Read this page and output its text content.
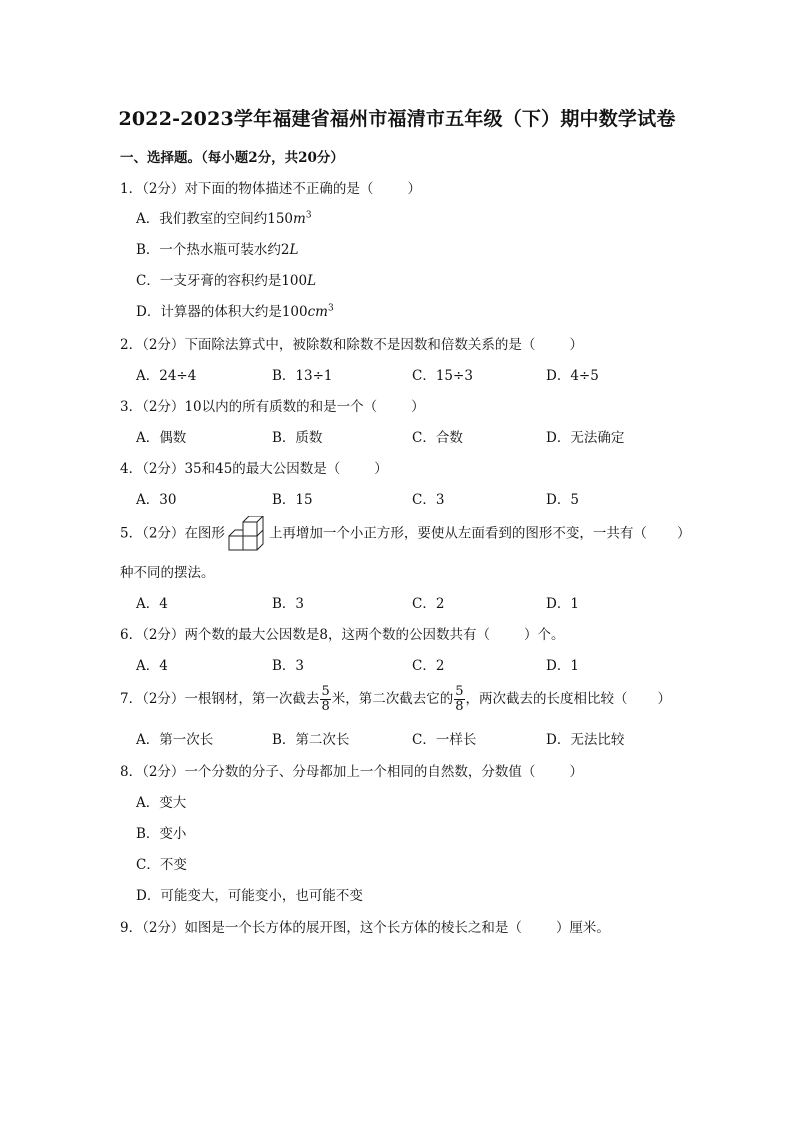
2022-2023学年福建省福州市福清市五年级（下）期中数学试卷
一、选择题。（每小题2分，共20分）
1．（2分）对下面的物体描述不正确的是（	）
A．我们教室的空间约$150m^3$
B．一个热水瓶可装水约2L
C．一支牙膏的容积约是100L
D．计算器的体积大约是$100cm^3$
2．（2分）下面除法算式中，被除数和除数不是因数和倍数关系的是（	）
A．24÷4	B．13÷1	C．15÷3	D．4÷5
3．（2分）10以内的所有质数的和是一个（	）
A．偶数	B．质数	C．合数	D．无法确定
4．（2分）35和45的最大公因数是（	）
A．30	B．15	C．3	D．5
5．（2分）在图形	上再增加一个小正方形，要使从左面看到的图形不变，一共有（ ）
种不同的摆法。
A．4	B．3	C．2	D．1
6．（2分）两个数的最大公因数是8，这两个数的公因数共有（	）个。
A．4	B．3	C．2	D．1
7．（2分）一根钢材，第一次截去 $\frac{5}{8}$ 米，第二次截去它的 $\frac{5}{8}$ ，两次截去的长度相比较（ ）
A．第一次长	B．第二次长	C．一样长	D．无法比较
8．（2分）一个分数的分子、分母都加上一个相同的自然数，分数值（	）
A．变大
B．变小
C．不变
D．可能变大，可能变小，也可能不变
9．（2分）如图是一个长方体的展开图，这个长方体的棱长之和是（	）厘米。
